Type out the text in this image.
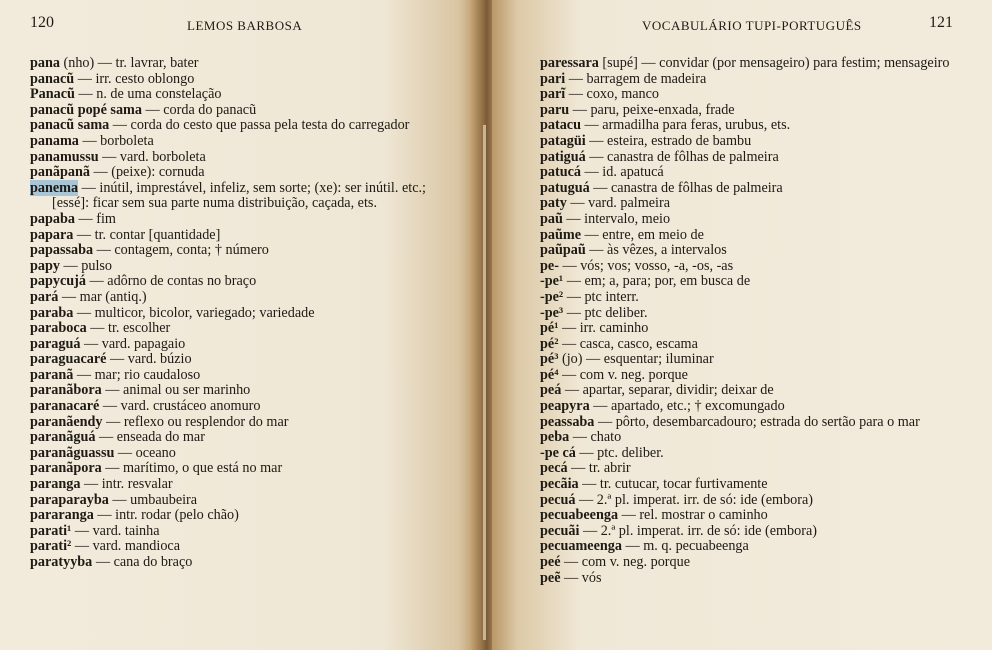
120	LEMOS BARBOSA
pana (nho) — tr. lavrar, bater
panacũ — irr. cesto oblongo
Panacũ — n. de uma constelação
panacũ popé sama — corda do panacũ
panacũ sama — corda do cesto que passa pela testa do carregador
panama — borboleta
panamussu — vard. borboleta
panãpanã — (peixe): cornuda
panema — inútil, imprestável, infeliz, sem sorte; (xe): ser inútil. etc.; [essé]: ficar sem sua parte numa distribuição, caçada, ets.
papaba — fim
papara — tr. contar [quantidade]
papassaba — contagem, conta; † número
papy — pulso
papycujá — adôrno de contas no braço
pará — mar (antiq.)
paraba — multicor, bicolor, variegado; variedade
paraboca — tr. escolher
paraguá — vard. papagaio
paraguacaré — vard. búzio
paranã — mar; rio caudaloso
paranãbora — animal ou ser marinho
paranacaré — vard. crustáceo anomuro
paranãendy — reflexo ou resplendor do mar
paranãguá — enseada do mar
paranãguassu — oceano
paranãpora — marítimo, o que está no mar
paranga — intr. resvalar
paraparayba — umbaubeira
pararanga — intr. rodar (pelo chão)
parati¹ — vard. tainha
parati² — vard. mandioca
paratyyba — cana do braço
VOCABULÁRIO TUPI-PORTUGUÊS	121
paressara [supé] — convidar (por mensageiro) para festim; mensageiro
pari — barragem de madeira
parĩ — coxo, manco
paru — paru, peixe-enxada, frade
patacu — armadilha para feras, urubus, ets.
patagüi — esteira, estrado de bambu
patiguá — canastra de fôlhas de palmeira
patucá — id. apatucá
patuguá — canastra de fôlhas de palmeira
paty — vard. palmeira
paũ — intervalo, meio
paũme — entre, em meio de
paũpaũ — às vêzes, a intervalos
pe- — vós; vos; vosso, -a, -os, -as
-pe¹ — em; a, para; por, em busca de
-pe² — ptc interr.
-pe³ — ptc deliber.
pé¹ — irr. caminho
pé² — casca, casco, escama
pé³ (jo) — esquentar; iluminar
pé⁴ — com v. neg. porque
peá — apartar, separar, dividir; deixar de
peapyra — apartado, etc.; † excomungado
peassaba — pôrto, desembarcadouro; estrada do sertão para o mar
peba — chato
-pe cá — ptc. deliber.
pecá — tr. abrir
pecãia — tr. cutucar, tocar furtivamente
pecuá — 2.ª pl. imperat. irr. de só: ide (embora)
pecuabeenga — rel. mostrar o caminho
pecuãi — 2.ª pl. imperat. irr. de só: ide (embora)
pecuameenga — m. q. pecuabeenga
peé — com v. neg. porque
peẽ — vós
